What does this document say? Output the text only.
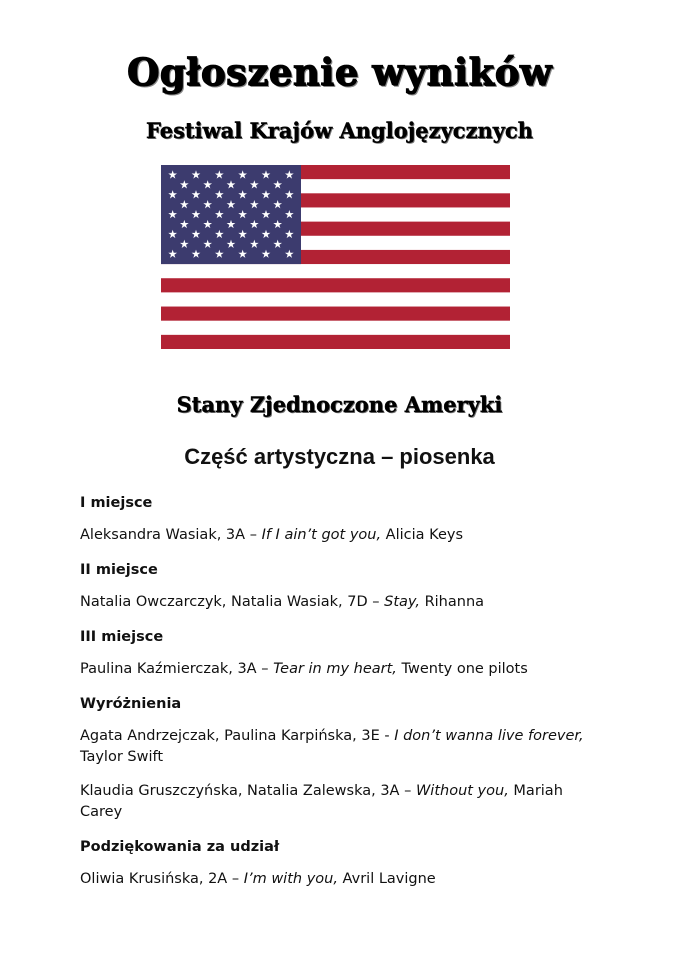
Ogłoszenie wyników
Festiwal Krajów Anglojęzycznych
Stany Zjednoczone Ameryki
Część artystyczna – piosenka
I miejsce
Aleksandra Wasiak, 3A – If I ain’t got you, Alicia Keys
II miejsce
Natalia Owczarczyk, Natalia Wasiak, 7D – Stay, Rihanna
III miejsce
Paulina Kaźmierczak, 3A – Tear in my heart, Twenty one pilots
Wyróżnienia
Agata Andrzejczak, Paulina Karpińska, 3E - I don’t wanna live forever, Taylor Swift
Klaudia Gruszczyńska, Natalia Zalewska, 3A – Without you, Mariah Carey
Podziękowania za udział
Oliwia Krusińska, 2A – I’m with you, Avril Lavigne
